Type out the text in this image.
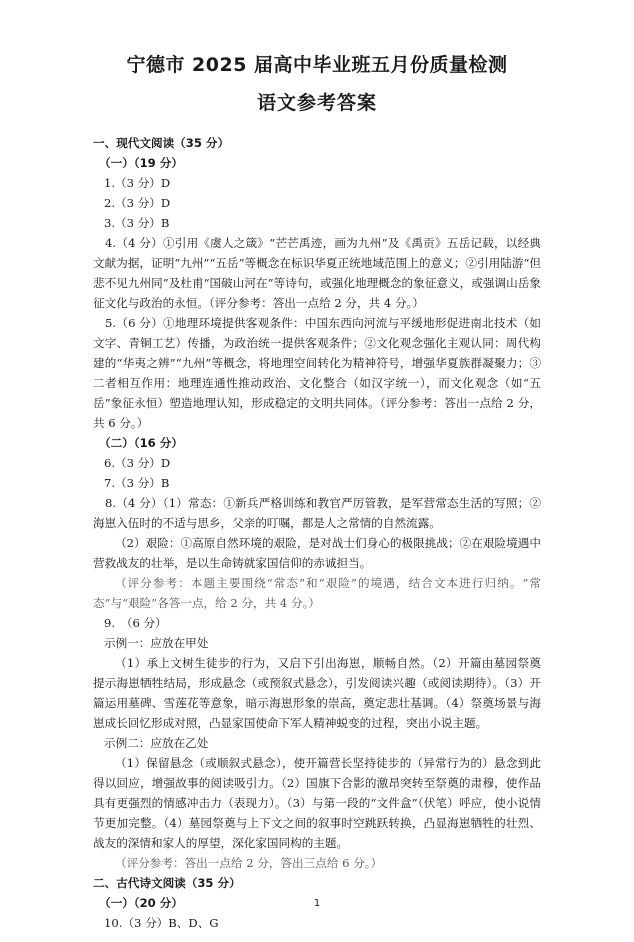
宁德市 2025 届高中毕业班五月份质量检测
语文参考答案

一、现代文阅读（35 分）

（一）（19 分）

1.（3 分）D

2.（3 分）D

3.（3 分）B

4.（4 分）①引用《虞人之箴》“芒芒禹迹，画为九州”及《禹贡》五岳记载，以经典文献为据，证明“九州”“五岳”等概念在标识华夏正统地域范围上的意义；②引用陆游“但悲不见九州同”及杜甫“国破山河在”等诗句，或强化地理概念的象征意义，或强调山岳象征文化与政治的永恒。（评分参考：答出一点给 2 分，共 4 分。）

5.（6 分）①地理环境提供客观条件：中国东西向河流与平缓地形促进南北技术（如文字、青铜工艺）传播，为政治统一提供客观条件；②文化观念强化主观认同：周代构建的“华夷之辨”“九州”等概念，将地理空间转化为精神符号，增强华夏族群凝聚力；③二者相互作用：地理连通性推动政治、文化整合（如汉字统一），而文化观念（如“五岳”象征永恒）塑造地理认知，形成稳定的文明共同体。（评分参考：答出一点给 2 分，共 6 分。）

（二）（16 分）

6.（3 分）D

7.（3 分）B

8.（4 分）（1）常态：①新兵严格训练和教官严厉管教，是军营常态生活的写照；②海崽入伍时的不适与思乡，父亲的叮嘱，都是人之常情的自然流露。

（2）艰险：①高原自然环境的艰险，是对战士们身心的极限挑战；②在艰险境遇中营救战友的壮举，是以生命铸就家国信仰的赤诚担当。

（评分参考：本题主要围绕“常态”和“艰险”的境遇，结合文本进行归纳。“常态”与“艰险”各答一点，给 2 分，共 4 分。）

9.　（6 分）

示例一：应放在甲处

（1）承上文树生徒步的行为，又启下引出海崽，顺畅自然。（2）开篇由墓园祭奠提示海崽牺牲结局，形成悬念（或预叙式悬念），引发阅读兴趣（或阅读期待）。（3）开篇运用墓碑、雪莲花等意象，暗示海崽形象的崇高，奠定悲壮基调。（4）祭奠场景与海崽成长回忆形成对照，凸显家国使命下军人精神蜕变的过程，突出小说主题。

示例二：应放在乙处

（1）保留悬念（或顺叙式悬念），使开篇营长坚持徒步的（异常行为的）悬念到此得以回应，增强故事的阅读吸引力。（2）国旗下合影的激昂突转至祭奠的肃穆，使作品具有更强烈的情感冲击力（表现力）。（3）与第一段的“文件盒”（伏笔）呼应，使小说情节更加完整。（4）墓园祭奠与上下文之间的叙事时空跳跃转换，凸显海崽牺牲的壮烈、战友的深情和家人的厚望，深化家国同构的主题。

（评分参考：答出一点给 2 分，答出三点给 6 分。）

二、古代诗文阅读（35 分）

（一）（20 分）

10.（3 分）B、D、G

1
